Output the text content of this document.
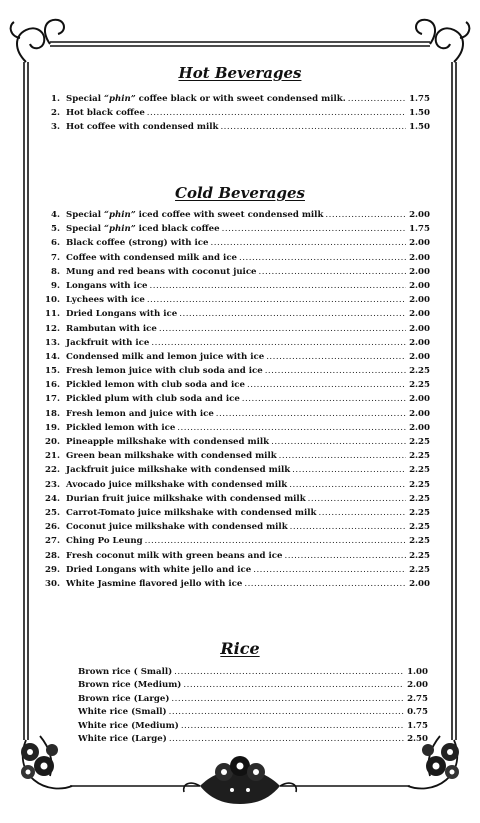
Hot Beverages
1. Special “phin” coffee black or with sweet condensed milk. .....	1.75
2. Hot black coffee .....	1.50
3. Hot coffee with condensed milk .....	1.50
Cold Beverages
4. Special “phin” iced coffee with sweet condensed milk .....	2.00
5. Special “phin” iced black coffee .....	1.75
6. Black coffee (strong) with ice .....	2.00
7. Coffee with condensed milk and ice .....	2.00
8. Mung and red beans with coconut juice .....	2.00
9. Longans with ice .....	2.00
10. Lychees with ice .....	2.00
11. Dried Longans with ice .....	2.00
12. Rambutan with ice .....	2.00
13. Jackfruit with ice .....	2.00
14. Condensed milk and lemon juice with ice .....	2.00
15. Fresh lemon juice with club soda and ice .....	2.25
16. Pickled lemon with club soda and ice .....	2.25
17. Pickled plum with club soda and ice .....	2.00
18. Fresh lemon and juice with ice .....	2.00
19. Pickled lemon with ice .....	2.00
20. Pineapple milkshake with condensed milk .....	2.25
21. Green bean milkshake with condensed milk .....	2.25
22. Jackfruit juice milkshake with condensed milk .....	2.25
23. Avocado juice milkshake with condensed milk .....	2.25
24. Durian fruit juice milkshake with condensed milk .....	2.25
25. Carrot-Tomato juice milkshake with condensed milk .....	2.25
26. Coconut juice milkshake with condensed milk .....	2.25
27. Ching Po Leung .....	2.25
28. Fresh coconut milk with green beans and ice .....	2.25
29. Dried Longans with white jello and ice .....	2.25
30. White Jasmine flavored jello with ice .....	2.00
Rice
Brown rice ( Small) .....	1.00
Brown rice (Medium) .....	2.00
Brown rice (Large) .....	2.75
White rice (Small) .....	0.75
White rice (Medium) .....	1.75
White rice (Large) .....	2.50
